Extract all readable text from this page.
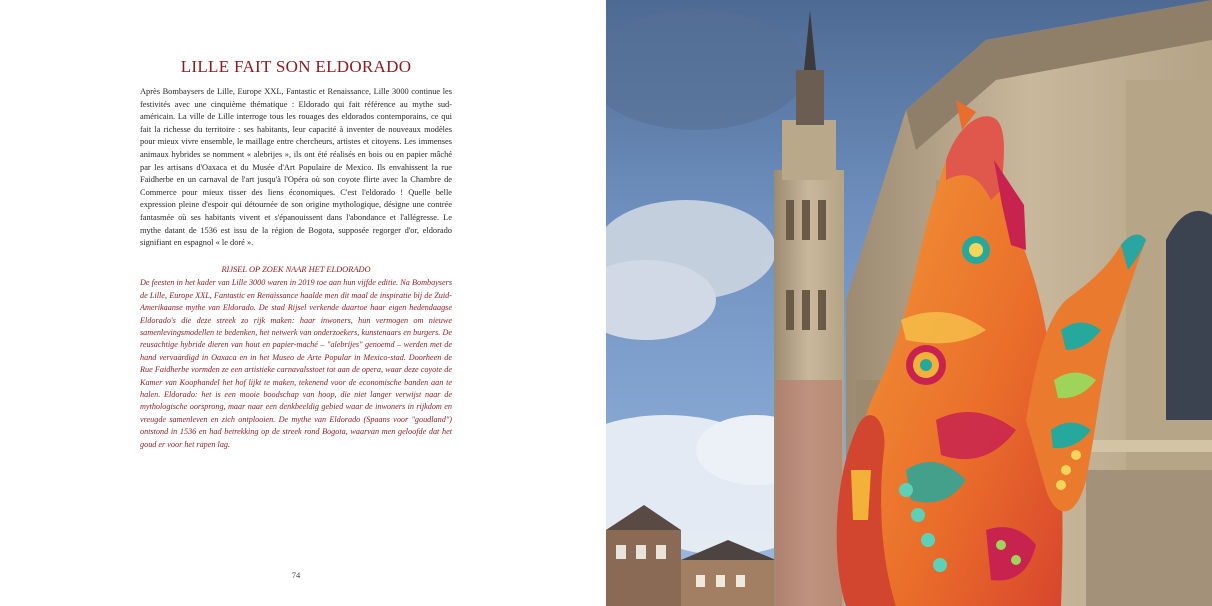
LILLE FAIT SON ELDORADO

Après Bombaysers de Lille, Europe XXL, Fantastic et Renaissance, Lille 3000 continue les festivités avec une cinquième thématique : Eldorado qui fait référence au mythe sud-américain. La ville de Lille interroge tous les rouages des eldorados contemporains, ce qui fait la richesse du territoire : ses habitants, leur capacité à inventer de nouveaux modèles pour mieux vivre ensemble, le maillage entre chercheurs, artistes et citoyens. Les immenses animaux hybrides se nomment « alebrijes », ils ont été réalisés en bois ou en papier mâché par les artisans d'Oaxaca et du Musée d'Art Populaire de Mexico. Ils envahissent la rue Faidherbe en un carnaval de l'art jusqu'à l'Opéra où son coyote flirte avec la Chambre de Commerce pour mieux tisser des liens économiques. C'est l'eldorado ! Quelle belle expression pleine d'espoir qui détournée de son origine mythologique, désigne une contrée fantasmée où ses habitants vivent et s'épanouissent dans l'abondance et l'allégresse. Le mythe datant de 1536 est issu de la région de Bogota, supposée regorger d'or, eldorado signifiant en espagnol « le doré ».

RIJSEL OP ZOEK NAAR HET ELDORADO

De feesten in het kader van Lille 3000 waren in 2019 toe aan hun vijfde editie. Na Bombaysers de Lille, Europe XXL, Fantastic en Renaissance haalde men dit maal de inspiratie bij de Zuid-Amerikaanse mythe van Eldorado. De stad Rijsel verkende daartoe haar eigen hedendaagse Eldorado's die deze streek zo rijk maken: haar inwoners, hun vermogen om nieuwe samenlevingsmodellen te bedenken, het netwerk van onderzoekers, kunstenaars en burgers. De reusachtige hybride dieren van hout en papier-maché – "alebrijes" genoemd – werden met de hand vervaardigd in Oaxaca en in het Museo de Arte Popular in Mexico-stad. Doorheen de Rue Faidherbe vormden ze een artistieke carnavalsstoet tot aan de opera, waar deze coyote de Kamer van Koophandel het hof lijkt te maken, tekenend voor de economische banden aan te halen. Eldorado: het is een mooie boodschap van hoop, die niet langer verwijst naar de mythologische oorsprong, maar naar een denkbeeldig gebied waar de inwoners in rijkdom en vreugde samenleven en zich ontplooien. De mythe van Eldorado (Spaans voor "goudland") ontstond in 1536 en had betrekking op de streek rond Bogota, waarvan men geloofde dat het goud er voor het rapen lag.

74
